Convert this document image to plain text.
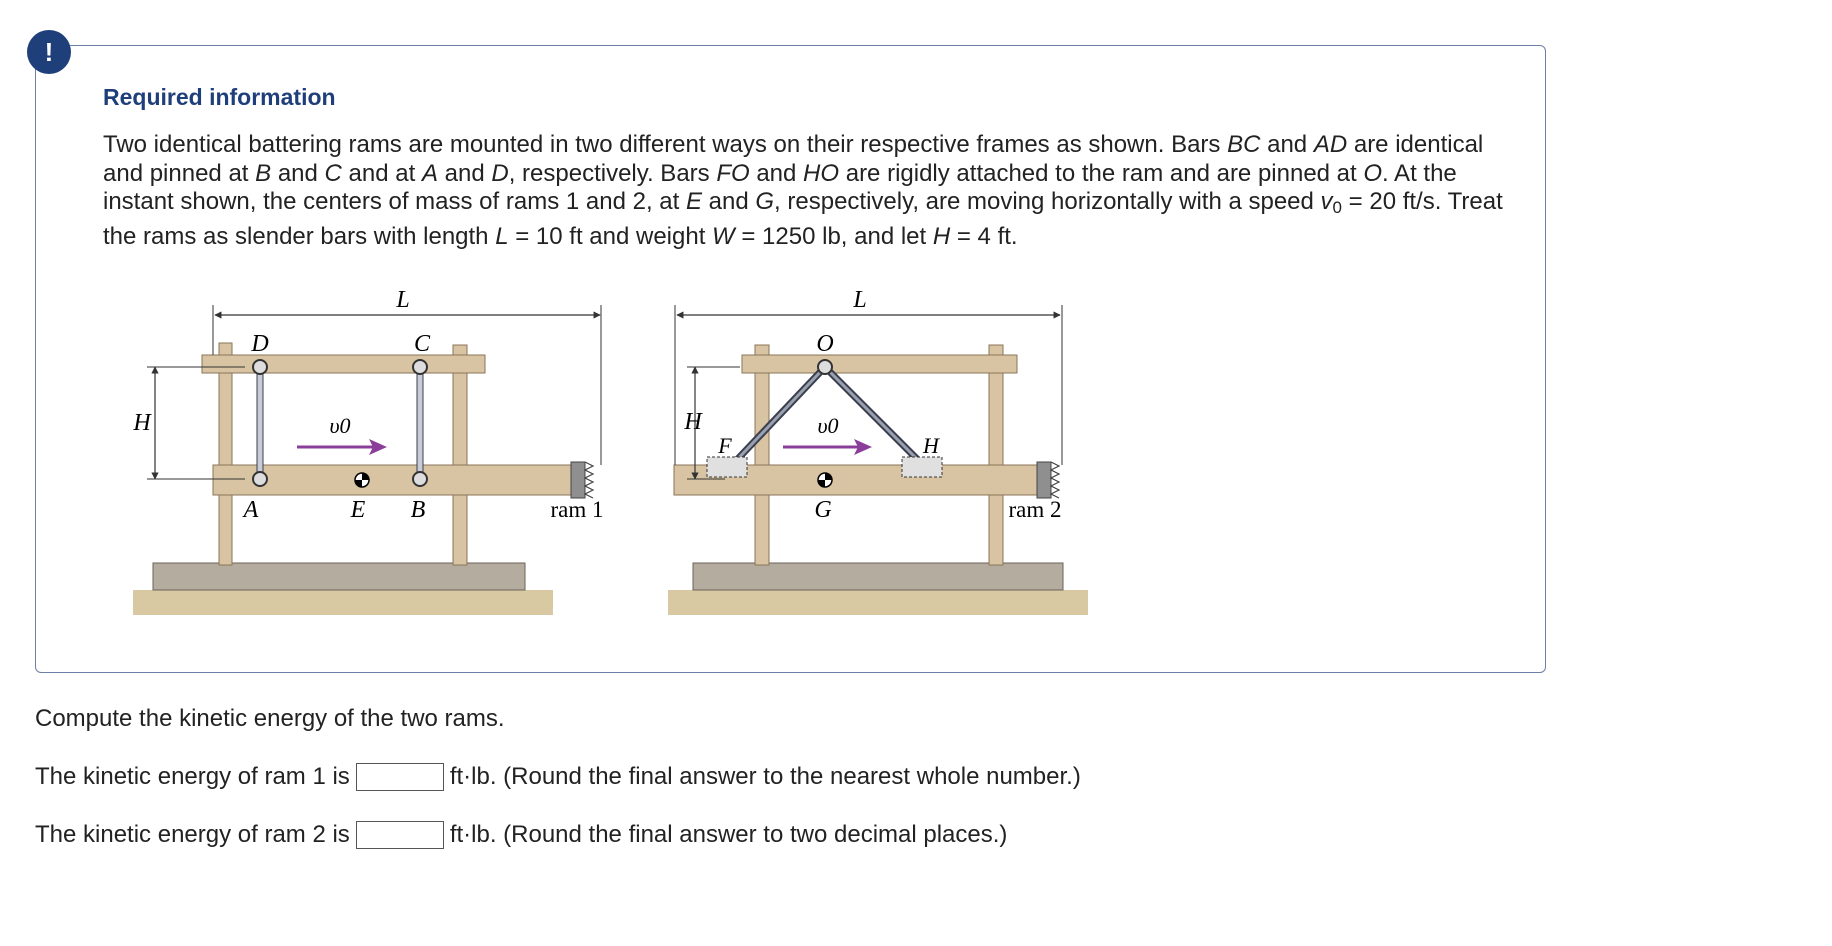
!
Required information
Two identical battering rams are mounted in two different ways on their respective frames as shown. Bars BC and AD are identical and pinned at B and C and at A and D, respectively. Bars FO and HO are rigidly attached to the ram and are pinned at O. At the instant shown, the centers of mass of rams 1 and 2, at E and G, respectively, are moving horizontally with a speed $v_0 = 20$ ft/s. Treat the rams as slender bars with length L = 10 ft and weight W = 1250 lb, and let H = 4 ft.
L
D	C
H	υ0
A	E B	ram 1
L
O
H
F
υ0
H
G	ram 2
Compute the kinetic energy of the two rams.
The kinetic energy of ram 1 is	ft·lb. (Round the final answer to the nearest whole number.)
The kinetic energy of ram 2 is	ft·lb. (Round the final answer to two decimal places.)
